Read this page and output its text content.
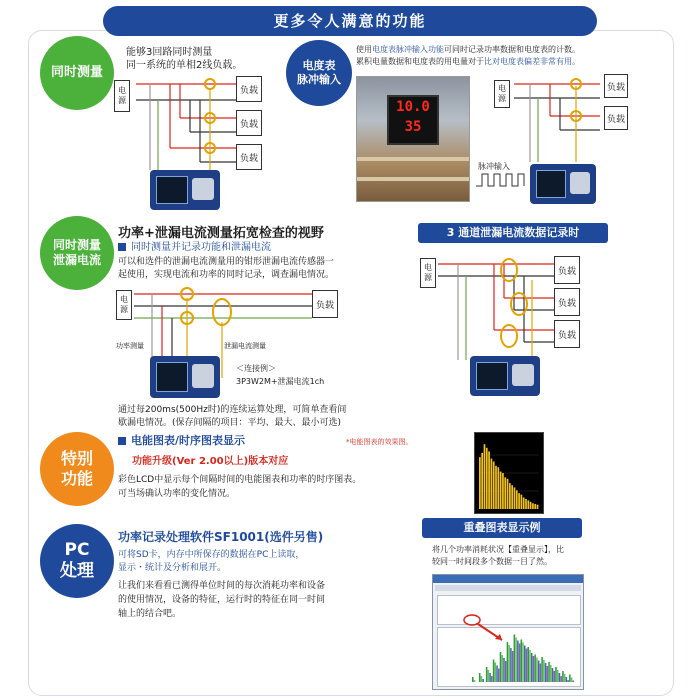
更多令人满意的功能
同时测量
能够3回路同时测量
同一系统的单相2线负载。
电源
负载
负载
负载
电度表
脉冲输入
使用电度表脉冲输入功能可同时记录功率数据和电度表的计数。
累积电量数据和电度表的用电量对于比对电度表偏差非常有用。
10.0
35
电源
负载
负载
脉冲输入
同时测量
泄漏电流
功率+泄漏电流测量拓宽检查的视野
同时测量并记录功能和泄漏电流
可以和选件的泄漏电流测量用的钳形泄漏电流传感器一
起使用，实现电流和功率的同时记录，调查漏电情况。
电源	负载
功率测量	泄漏电流测量
＜连接例＞
3P3W2M+泄漏电流1ch
通过每200ms(500Hz时)的连续运算处理，可简单查看间
歇漏电情况。(保存间隔的项目：平均、最大、最小可选)
3 通道泄漏电流数据记录时
电源
负载
负载
负载
特别
功能
电能图表/时序图表显示	*电能图表的效果图。
功能升级(Ver 2.00以上)版本对应
彩色LCD中显示每个间隔时间的电能图表和功率的时序图表。
可当场确认功率的变化情况。
PC
处理
功率记录处理软件SF1001(选件另售)
可将SD卡，内存中所保存的数据在PC上读取，
显示・统计及分析和展开。
让我们来看看已测得单位时间的每次消耗功率和设备
的使用情况，设备的特征，运行时的特征在同一时间
轴上的结合吧。
重叠图表显示例
将几个功率消耗状况【重叠显示】，比
较同一时间段多个数据一目了然。
